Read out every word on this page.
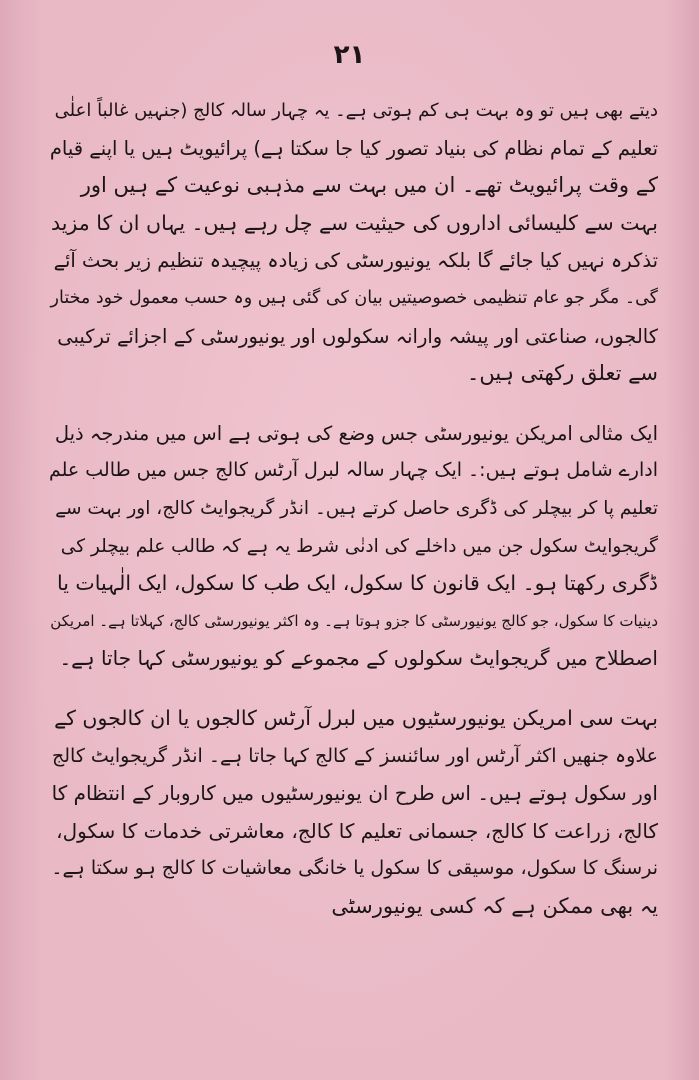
۲۱

دیتے بھی ہیں تو وہ بہت ہی کم ہوتی ہے۔ یہ چہار سالہ کالج (جنہیں غالباً اعلٰی
تعلیم کے تمام نظام کی بنیاد تصور کیا جا سکتا ہے) پرائیویٹ ہیں یا اپنے قیام
کے وقت پرائیویٹ تھے۔ ان میں بہت سے مذہبی نوعیت کے ہیں اور
بہت سے کلیسائی اداروں کی حیثیت سے چل رہے ہیں۔ یہاں ان کا مزید
تذکرہ نہیں کیا جائے گا بلکہ یونیورسٹی کی زیادہ پیچیدہ تنظیم زیر بحث آئے
گی۔ مگر جو عام تنظیمی خصوصیتیں بیان کی گئی ہیں وہ حسب معمول خود مختار
کالجوں، صناعتی اور پیشہ وارانہ سکولوں اور یونیورسٹی کے اجزائے ترکیبی
سے تعلق رکھتی ہیں۔

ایک مثالی امریکن یونیورسٹی جس وضع کی ہوتی ہے اس میں مندرجہ ذیل
ادارے شامل ہوتے ہیں:۔ ایک چہار سالہ لبرل آرٹس کالج جس میں طالب علم
تعلیم پا کر بیچلر کی ڈگری حاصل کرتے ہیں۔ انڈر گریجوایٹ کالج، اور بہت سے
گریجوایٹ سکول جن میں داخلے کی ادنٰی شرط یہ ہے کہ طالب علم بیچلر کی
ڈگری رکھتا ہو۔ ایک قانون کا سکول، ایک طب کا سکول، ایک الٰہیات یا
دینیات کا سکول، جو کالج یونیورسٹی کا جزو ہوتا ہے۔ وہ اکثر یونیورسٹی کالج، کہلاتا ہے۔ امریکن
اصطلاح میں گریجوایٹ سکولوں کے مجموعے کو یونیورسٹی کہا جاتا ہے۔

بہت سی امریکن یونیورسٹیوں میں لبرل آرٹس کالجوں یا ان کالجوں کے
علاوہ جنھیں اکثر آرٹس اور سائنسز کے کالج کہا جاتا ہے۔ انڈر گریجوایٹ کالج
اور سکول ہوتے ہیں۔ اس طرح ان یونیورسٹیوں میں کاروبار کے انتظام کا
کالج، زراعت کا کالج، جسمانی تعلیم کا کالج، معاشرتی خدمات کا سکول،
نرسنگ کا سکول، موسیقی کا سکول یا خانگی معاشیات کا کالج ہو سکتا ہے۔
یہ بھی ممکن ہے کہ کسی یونیورسٹی
